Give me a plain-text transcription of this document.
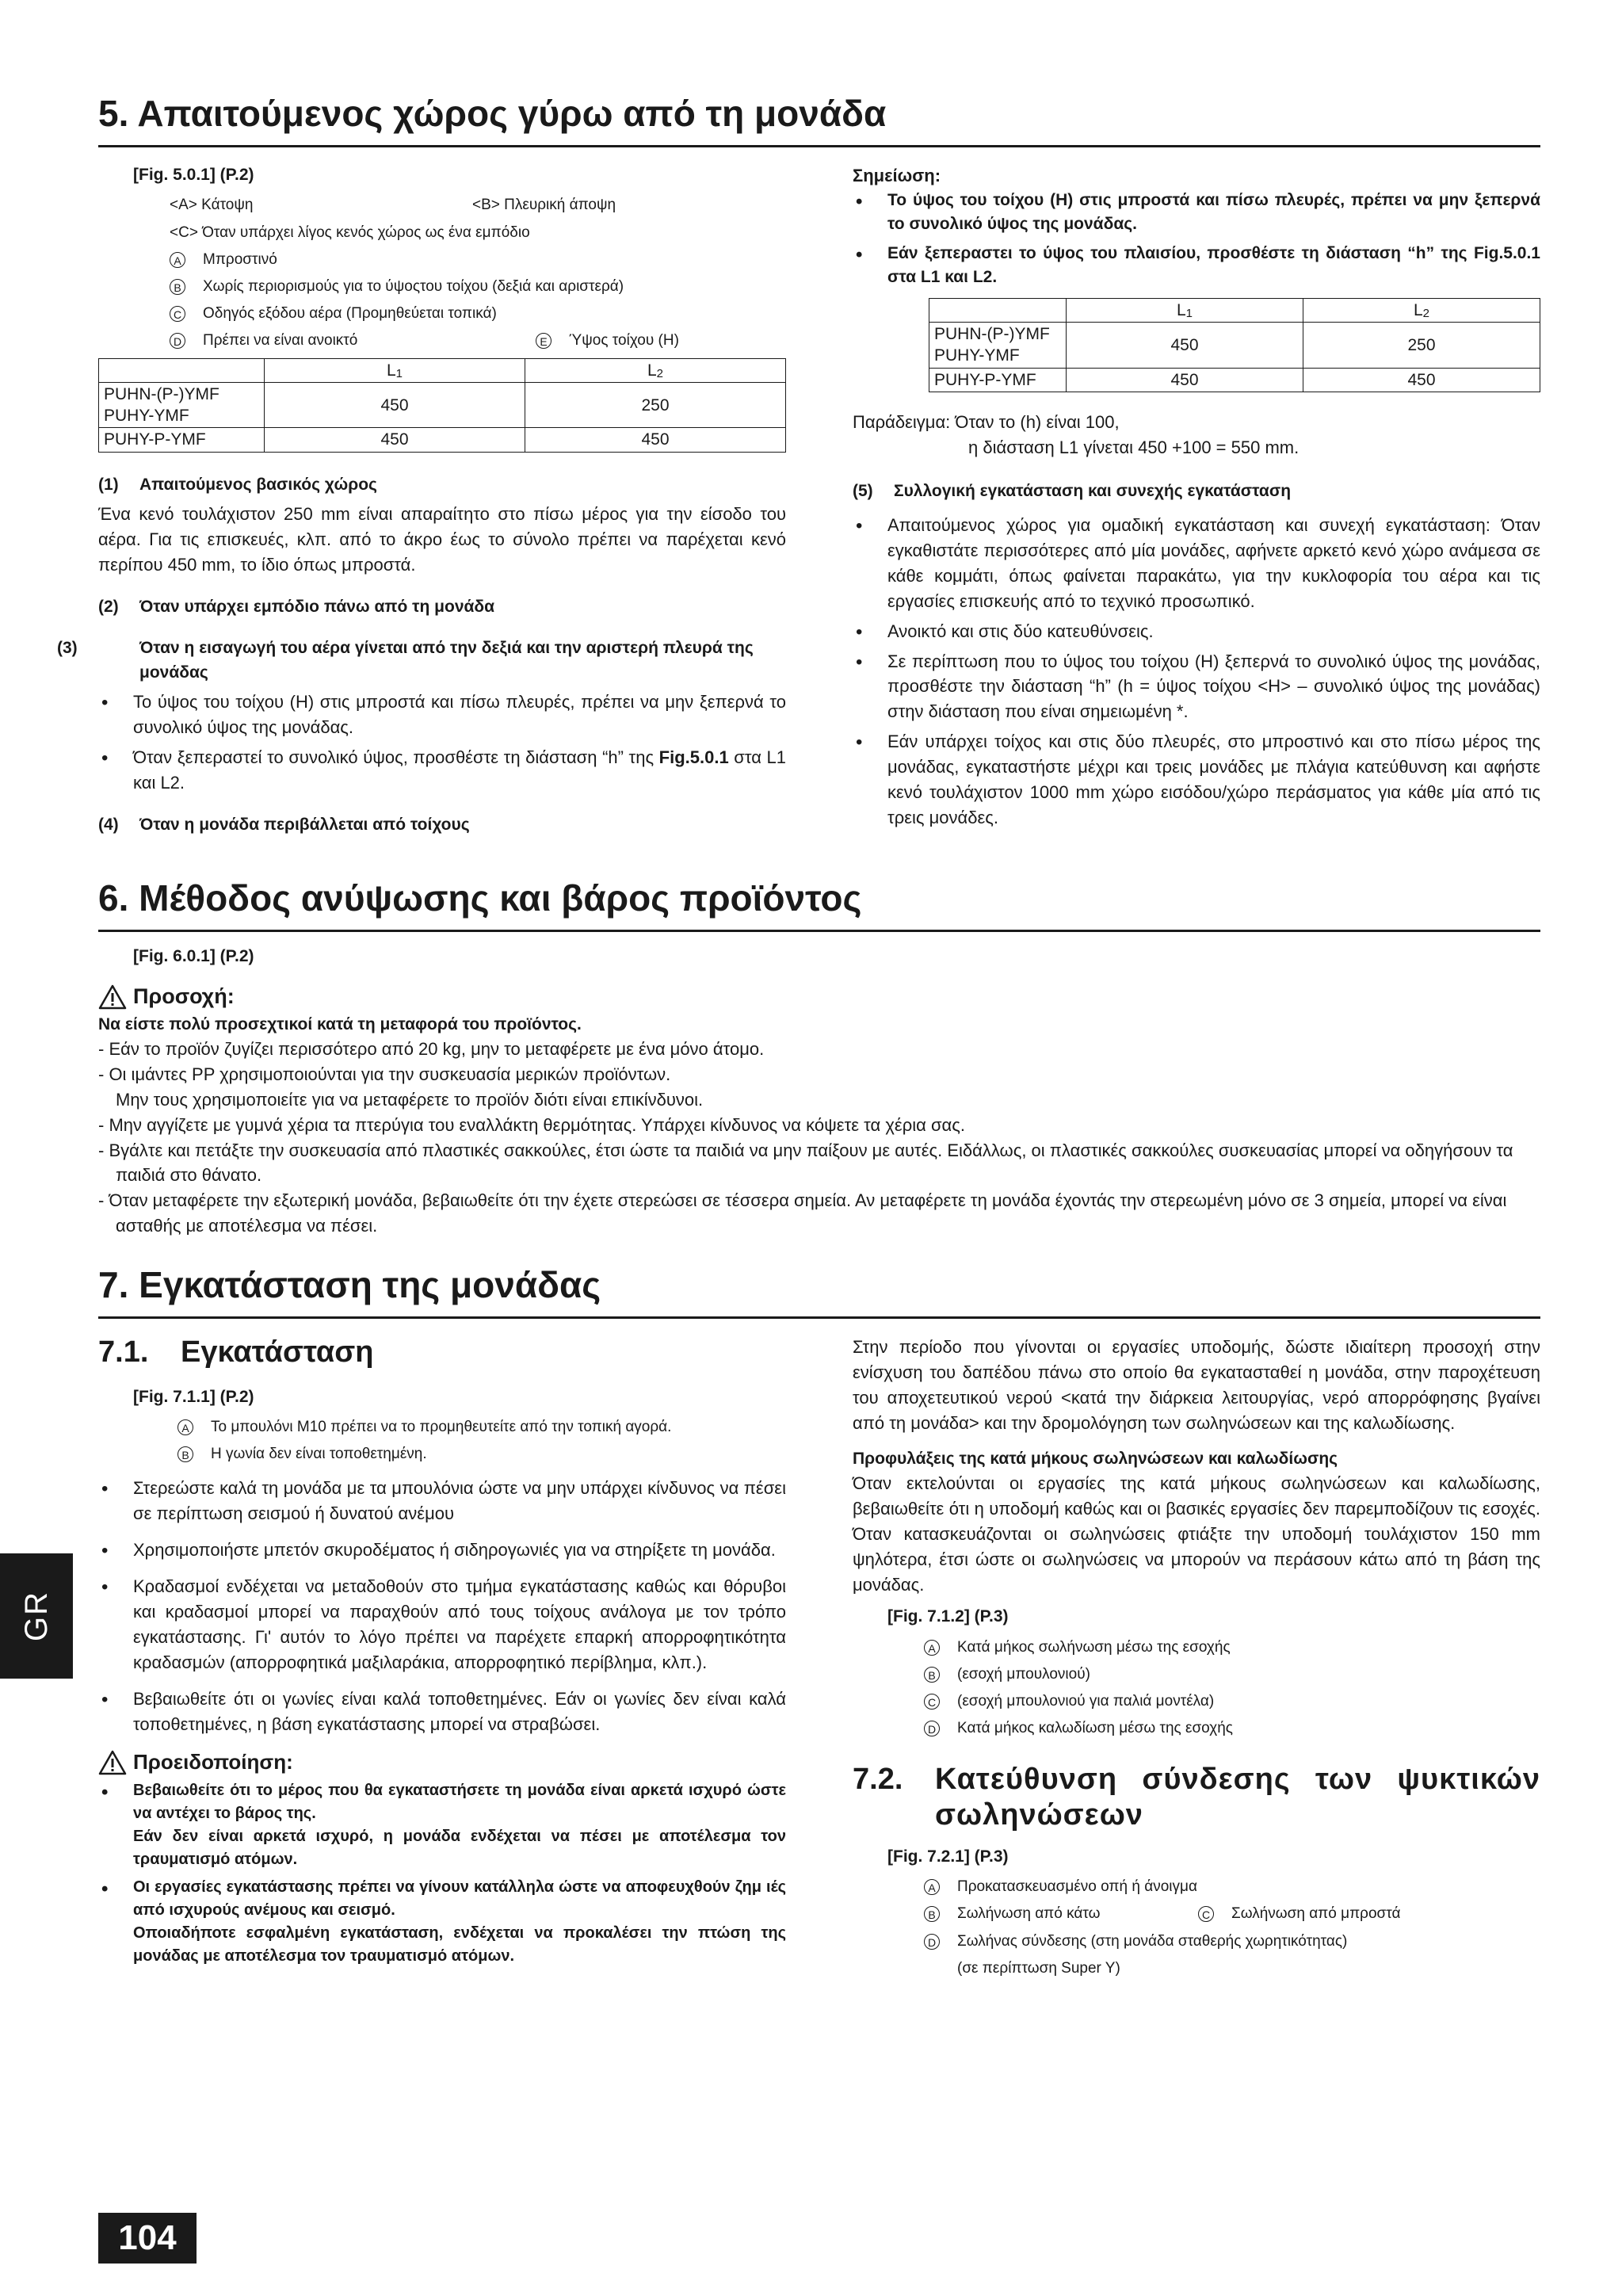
5. Απαιτούμενος χώρος γύρω από τη μονάδα
[Fig. 5.0.1] (P.2)
<A> Κάτοψη	<B> Πλευρική άποψη
<C> Όταν υπάρχει λίγος κενός χώρος ως ένα εμπόδιο
A Μπροστινό
B Χωρίς περιορισμούς για το ύψοςτου τοίχου (δεξιά και αριστερά)
C Οδηγός εξόδου αέρα (Προμηθεύεται τοπικά)
D Πρέπει να είναι ανοικτό	E Ύψος τοίχου (H)
	L1	L2

PUHN-(P-)YMF
PUHY-YMF	450	250
PUHY-P-YMF	450	450
(1) Απαιτούμενος βασικός χώρος

Ένα κενό τουλάχιστον 250 mm είναι απαραίτητο στο πίσω μέρος για την είσοδο του αέρα. Για τις επισκευές, κλπ. από το άκρο έως το σύνολο πρέπει να παρέχεται κενό περίπου 450 mm, το ίδιο όπως μπροστά.

(2) Όταν υπάρχει εμπόδιο πάνω από τη μονάδα
(3)	Όταν η εισαγωγή του αέρα γίνεται από την δεξιά και την αριστερή πλευρά της μονάδας
• Το ύψος του τοίχου (H) στις μπροστά και πίσω πλευρές, πρέπει να μην ξεπερνά το συνολικό ύψος της μονάδας.
• Όταν ξεπεραστεί το συνολικό ύψος, προσθέστε τη διάσταση “h” της Fig.5.0.1 στα L1 και L2.
(4) Όταν η μονάδα περιβάλλεται από τοίχους
Σημείωση:
• Το ύψος του τοίχου (H) στις μπροστά και πίσω πλευρές, πρέπει να μην ξεπερνά το συνολικό ύψος της μονάδας.
• Εάν ξεπεραστει το ύψος του πλαισίου, προσθέστε τη διάσταση “h” της Fig.5.0.1 στα L1 και L2.
	L1	L2

PUHN-(P-)YMF
PUHY-YMF	450	250
PUHY-P-YMF	450	450

Παράδειγμα: Όταν το (h) είναι 100,

η διάσταση L1 γίνεται 450 +100 = 550 mm.

(5) Συλλογική εγκατάσταση και συνεχής εγκατάσταση
• Απαιτούμενος χώρος για ομαδική εγκατάσταση και συνεχή εγκατάσταση: Όταν εγκαθιστάτε περισσότερες από μία μονάδες, αφήνετε αρκετό κενό χώρο ανάμεσα σε κάθε κομμάτι, όπως φαίνεται παρακάτω, για την κυκλοφορία του αέρα και τις εργασίες επισκευής από το τεχνικό προσωπικό.
• Ανοικτό και στις δύο κατευθύνσεις.
• Σε περίπτωση που το ύψος του τοίχου (H) ξεπερνά το συνολικό ύψος της μονάδας, προσθέστε την διάσταση “h” (h = ύψος τοίχου <H> – συνολικό ύψος της μονάδας) στην διάσταση που είναι σημειωμένη *.
• Εάν υπάρχει τοίχος και στις δύο πλευρές, στο μπροστινό και στο πίσω μέρος της μονάδας, εγκαταστήστε μέχρι και τρεις μονάδες με πλάγια κατεύθυνση και αφήστε κενό τουλάχιστον 1000 mm χώρο εισόδου/χώρο περάσματος για κάθε μία από τις τρεις μονάδες.
6. Μέθοδος ανύψωσης και βάρος προϊόντος
[Fig. 6.0.1] (P.2)
Προσοχή:

Να είστε πολύ προσεχτικοί κατά τη μεταφορά του προϊόντος.

- Εάν το προϊόν ζυγίζει περισσότερο από 20 kg, μην το μεταφέρετε με ένα μόνο άτομο.

- Οι ιμάντες PP χρησιμοποιούνται για την συσκευασία μερικών προϊόντων.

Μην τους χρησιμοποιείτε για να μεταφέρετε το προϊόν διότι είναι επικίνδυνοι.

- Μην αγγίζετε με γυμνά χέρια τα πτερύγια του εναλλάκτη θερμότητας. Υπάρχει κίνδυνος να κόψετε τα χέρια σας.

- Βγάλτε και πετάξτε την συσκευασία από πλαστικές σακκούλες, έτσι ώστε τα παιδιά να μην παίξουν με αυτές. Ειδάλλως, οι πλαστικές σακκούλες συσκευασίας μπορεί να οδηγήσουν τα παιδιά στο θάνατο.

- Όταν μεταφέρετε την εξωτερική μονάδα, βεβαιωθείτε ότι την έχετε στερεώσει σε τέσσερα σημεία. Αν μεταφέρετε τη μονάδα έχοντάς την στερεωμένη μόνο σε 3 σημεία, μπορεί να είναι ασταθής με αποτέλεσμα να πέσει.

7. Εγκατάσταση της μονάδας
7.1. Εγκατάσταση
[Fig. 7.1.1] (P.2)
A Το μπουλόνι M10 πρέπει να το προμηθευτείτε από την τοπική αγορά.
B Η γωνία δεν είναι τοποθετημένη.
• Στερεώστε καλά τη μονάδα με τα μπουλόνια ώστε να μην υπάρχει κίνδυνος να πέσει σε περίπτωση σεισμού ή δυνατού ανέμου
• Χρησιμοποιήστε μπετόν σκυροδέματος ή σιδηρογωνιές για να στηρίξετε τη μονάδα.
• Κραδασμοί ενδέχεται να μεταδοθούν στο τμήμα εγκατάστασης καθώς και θόρυβοι και κραδασμοί μπορεί να παραχθούν από τους τοίχους ανάλογα με τον τρόπο εγκατάστασης. Γι' αυτόν το λόγο πρέπει να παρέχετε επαρκή απορροφητικότητα κραδασμών (απορροφητικά μαξιλαράκια, απορροφητικό περίβλημα, κλπ.).
• Βεβαιωθείτε ότι οι γωνίες είναι καλά τοποθετημένες. Εάν οι γωνίες δεν είναι καλά τοποθετημένες, η βάση εγκατάστασης μπορεί να στραβώσει.
Προειδοποίηση:
• Βεβαιωθείτε ότι το μέρος που θα εγκαταστήσετε τη μονάδα είναι αρκετά ισχυρό ώστε να αντέχει το βάρος της.
Εάν δεν είναι αρκετά ισχυρό, η μονάδα ενδέχεται να πέσει με αποτέλεσμα τον τραυματισμό ατόμων.
• Οι εργασίες εγκατάστασης πρέπει να γίνουν κατάλληλα ώστε να αποφευχθούν ζημ ιές από ισχυρούς ανέμους και σεισμό.
Οποιαδήποτε εσφαλμένη εγκατάσταση, ενδέχεται να προκαλέσει την πτώση της μονάδας με αποτέλεσμα τον τραυματισμό ατόμων.

Στην περίοδο που γίνονται οι εργασίες υποδομής, δώστε ιδιαίτερη προσοχή στην ενίσχυση του δαπέδου πάνω στο οποίο θα εγκατασταθεί η μονάδα, στην παροχέτευση του αποχετευτικού νερού <κατά την διάρκεια λειτουργίας, νερό απορρόφησης βγαίνει από τη μονάδα> και την δρομολόγηση των σωληνώσεων και της καλωδίωσης.

Προφυλάξεις της κατά μήκους σωληνώσεων και καλωδίωσης

Όταν εκτελούνται οι εργασίες της κατά μήκους σωληνώσεων και καλωδίωσης, βεβαιωθείτε ότι η υποδομή καθώς και οι βασικές εργασίες δεν παρεμποδίζουν τις εσοχές. Όταν κατασκευάζονται οι σωληνώσεις φτιάξτε την υποδομή τουλάχιστον 150 mm ψηλότερα, έτσι ώστε οι σωληνώσεις να μπορούν να περάσουν κάτω από τη βάση της μονάδας.

[Fig. 7.1.2] (P.3)
A Κατά μήκος σωλήνωση μέσω της εσοχής
B (εσοχή μπουλονιού)
C (εσοχή μπουλονιού για παλιά μοντέλα)
D Κατά μήκος καλωδίωση μέσω της εσοχής
7.2.	Κατεύθυνση σύνδεσης των ψυκτικών σωληνώσεων
[Fig. 7.2.1] (P.3)
A Προκατασκευασμένο οπή ή άνοιγμα
B Σωλήνωση από κάτω	C Σωλήνωση από μπροστά
D Σωλήνας σύνδεσης (στη μονάδα σταθερής χωρητικότητας)
(σε περίπτωση Super Y)
GR
104
